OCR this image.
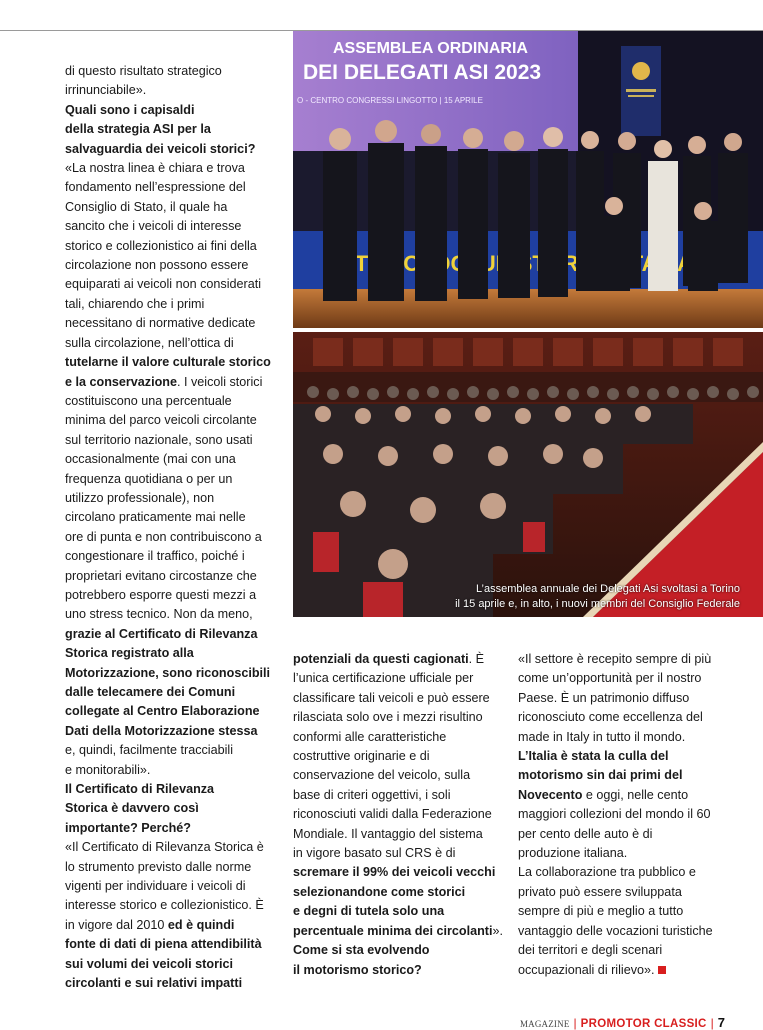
di questo risultato strategico
irrinunciabile».
Quali sono i capisaldi
della strategia ASI per la
salvaguardia dei veicoli storici?
«La nostra linea è chiara e trova
fondamento nell’espressione del
Consiglio di Stato, il quale ha
sancito che i veicoli di interesse
storico e collezionistico ai fini della
circolazione non possono essere
equiparati ai veicoli non considerati
tali, chiarendo che i primi
necessitano di normative dedicate
sulla circolazione, nell’ottica di
tutelarne il valore culturale storico
e la conservazione. I veicoli storici
costituiscono una percentuale
minima del parco veicoli circolante
sul territorio nazionale, sono usati
occasionalmente (mai con una
frequenza quotidiana o per un
utilizzo professionale), non
circolano praticamente mai nelle
ore di punta e non contribuiscono a
congestionare il traffico, poiché i
proprietari evitano circostanze che
potrebbero esporre questi mezzi a
uno stress tecnico. Non da meno,
grazie al Certificato di Rilevanza
Storica registrato alla
Motorizzazione, sono riconoscibili
dalle telecamere dei Comuni
collegate al Centro Elaborazione
Dati della Motorizzazione stessa
e, quindi, facilmente tracciabili
e monitorabili».
Il Certificato di Rilevanza
Storica è davvero così
importante? Perché?
«Il Certificato di Rilevanza Storica è
lo strumento previsto dalle norme
vigenti per individuare i veicoli di
interesse storico e collezionistico. È
in vigore dal 2010 ed è quindi
fonte di dati di piena attendibilità
sui volumi dei veicoli storici
circolanti e sui relativi impatti
ASSEMBLEA ORDINARIA
DEI DELEGATI ASI 2023
O - CENTRO CONGRESSI LINGOTTO | 15 APRILE
L’assemblea annuale dei Delegati Asi svoltasi a Torino
il 15 aprile e, in alto, i nuovi membri del Consiglio Federale
potenziali da questi cagionati. È
l’unica certificazione ufficiale per
classificare tali veicoli e può essere
rilasciata solo ove i mezzi risultino
conformi alle caratteristiche
costruttive originarie e di
conservazione del veicolo, sulla
base di criteri oggettivi, i soli
riconosciuti validi dalla Federazione
Mondiale. Il vantaggio del sistema
in vigore basato sul CRS è di
scremare il 99% dei veicoli vecchi
selezionandone come storici
e degni di tutela solo una
percentuale minima dei circolanti».
Come si sta evolvendo
il motorismo storico?
«Il settore è recepito sempre di più
come un’opportunità per il nostro
Paese. È un patrimonio diffuso
riconosciuto come eccellenza del
made in Italy in tutto il mondo.
L’Italia è stata la culla del
motorismo sin dai primi del
Novecento e oggi, nelle cento
maggiori collezioni del mondo il 60
per cento delle auto è di
produzione italiana.
La collaborazione tra pubblico e
privato può essere sviluppata
sempre di più e meglio a tutto
vantaggio delle vocazioni turistiche
dei territori e degli scenari
occupazionali di rilievo».
MAGAZINE | PROMOTOR CLASSIC | 7
